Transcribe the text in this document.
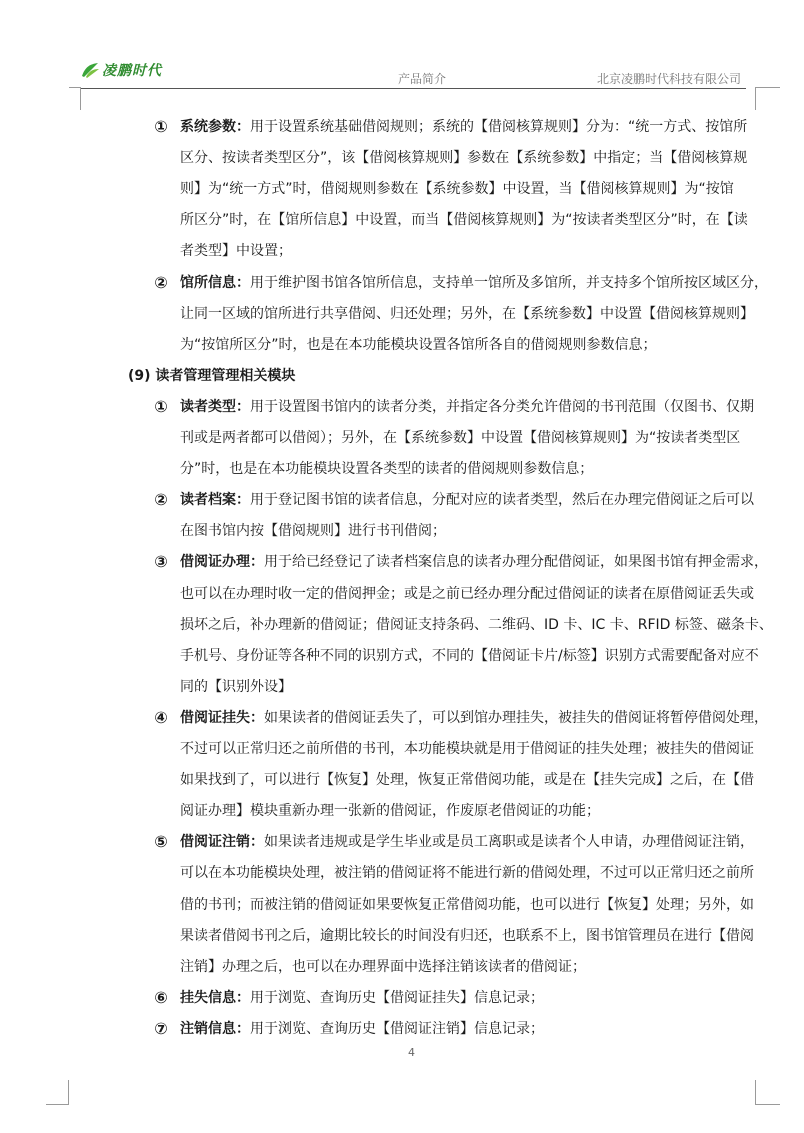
凌鹏时代	产品简介	北京凌鹏时代科技有限公司
① 系统参数：用于设置系统基础借阅规则；系统的【借阅核算规则】分为：“统一方式、按馆所
区分、按读者类型区分”，该【借阅核算规则】参数在【系统参数】中指定；当【借阅核算规
则】为“统一方式”时，借阅规则参数在【系统参数】中设置，当【借阅核算规则】为“按馆
所区分”时，在【馆所信息】中设置，而当【借阅核算规则】为“按读者类型区分”时，在【读
者类型】中设置；
② 馆所信息：用于维护图书馆各馆所信息，支持单一馆所及多馆所，并支持多个馆所按区域区分，
让同一区域的馆所进行共享借阅、归还处理；另外，在【系统参数】中设置【借阅核算规则】
为“按馆所区分”时，也是在本功能模块设置各馆所各自的借阅规则参数信息；
(9) 读者管理管理相关模块
① 读者类型：用于设置图书馆内的读者分类，并指定各分类允许借阅的书刊范围（仅图书、仅期
刊或是两者都可以借阅）；另外，在【系统参数】中设置【借阅核算规则】为“按读者类型区
分”时，也是在本功能模块设置各类型的读者的借阅规则参数信息；
② 读者档案：用于登记图书馆的读者信息，分配对应的读者类型，然后在办理完借阅证之后可以
在图书馆内按【借阅规则】进行书刊借阅；
③ 借阅证办理：用于给已经登记了读者档案信息的读者办理分配借阅证，如果图书馆有押金需求，
也可以在办理时收一定的借阅押金；或是之前已经办理分配过借阅证的读者在原借阅证丢失或
损坏之后，补办理新的借阅证；借阅证支持条码、二维码、ID 卡、IC 卡、RFID 标签、磁条卡、
手机号、身份证等各种不同的识别方式，不同的【借阅证卡片/标签】识别方式需要配备对应不
同的【识别外设】
④ 借阅证挂失：如果读者的借阅证丢失了，可以到馆办理挂失，被挂失的借阅证将暂停借阅处理，
不过可以正常归还之前所借的书刊，本功能模块就是用于借阅证的挂失处理；被挂失的借阅证
如果找到了，可以进行【恢复】处理，恢复正常借阅功能，或是在【挂失完成】之后，在【借
阅证办理】模块重新办理一张新的借阅证，作废原老借阅证的功能；
⑤ 借阅证注销：如果读者违规或是学生毕业或是员工离职或是读者个人申请，办理借阅证注销，
可以在本功能模块处理，被注销的借阅证将不能进行新的借阅处理，不过可以正常归还之前所
借的书刊；而被注销的借阅证如果要恢复正常借阅功能，也可以进行【恢复】处理；另外，如
果读者借阅书刊之后，逾期比较长的时间没有归还，也联系不上，图书馆管理员在进行【借阅
注销】办理之后，也可以在办理界面中选择注销该读者的借阅证；
⑥ 挂失信息：用于浏览、查询历史【借阅证挂失】信息记录；
⑦ 注销信息：用于浏览、查询历史【借阅证注销】信息记录；
4
